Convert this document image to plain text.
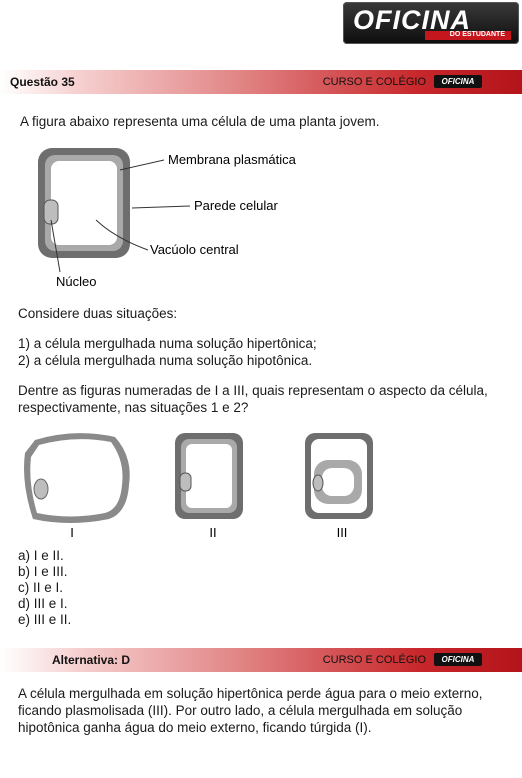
OFICINA
DO ESTUDANTE
Questão 35	CURSO E COLÉGIO	OFICINA
A figura abaixo representa uma célula de uma planta jovem.
Membrana plasmática
Parede celular
Vacúolo central
Núcleo
Considere duas situações:
1) a célula mergulhada numa solução hipertônica;
2) a célula mergulhada numa solução hipotônica.
Dentre as figuras numeradas de I a III, quais representam o aspecto da célula,
respectivamente, nas situações 1 e 2?
I	II	III
a) I e II.
b) I e III.
c) II e I.
d) III e I.
e) III e II.
Alternativa: D	CURSO E COLÉGIO	OFICINA
A célula mergulhada em solução hipertônica perde água para o meio externo,
ficando plasmolisada (III). Por outro lado, a célula mergulhada em solução
hipotônica ganha água do meio externo, ficando túrgida (I).
